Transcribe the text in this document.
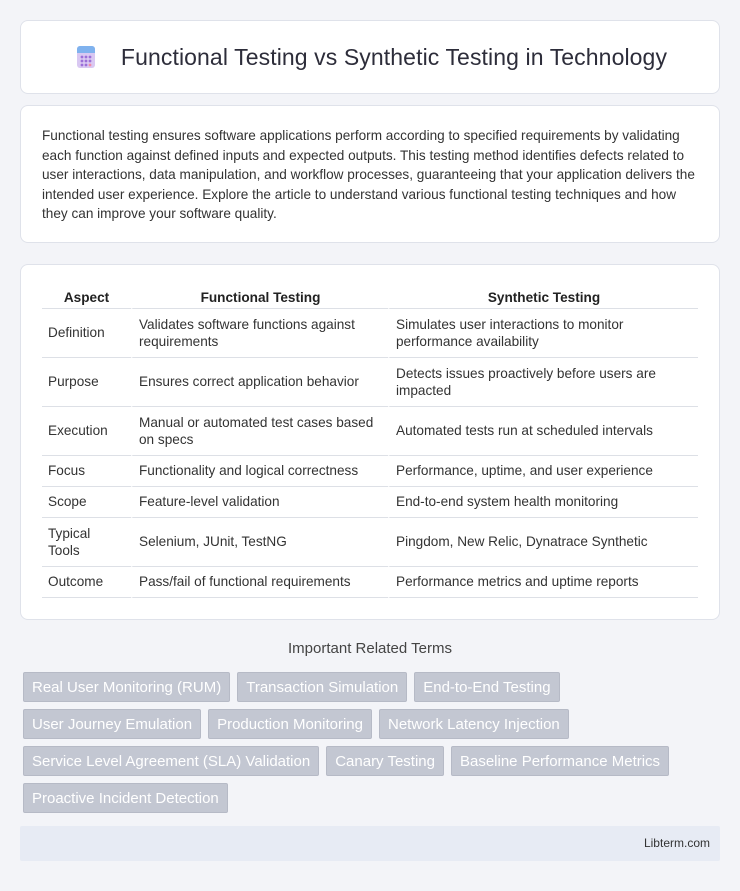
Functional Testing vs Synthetic Testing in Technology

Functional testing ensures software applications perform according to specified requirements by validating each function against defined inputs and expected outputs. This testing method identifies defects related to user interactions, data manipulation, and workflow processes, guaranteeing that your application delivers the intended user experience. Explore the article to understand various functional testing techniques and how they can improve your software quality.

Aspect	Functional Testing	Synthetic Testing
Definition	Validates software functions against requirements	Simulates user interactions to monitor performance availability
Purpose	Ensures correct application behavior	Detects issues proactively before users are impacted
Execution	Manual or automated test cases based on specs	Automated tests run at scheduled intervals
Focus	Functionality and logical correctness	Performance, uptime, and user experience
Scope	Feature-level validation	End-to-end system health monitoring
Typical Tools	Selenium, JUnit, TestNG	Pingdom, New Relic, Dynatrace Synthetic
Outcome	Pass/fail of functional requirements	Performance metrics and uptime reports
Important Related Terms
Real User Monitoring (RUM)	Transaction Simulation	End-to-End Testing
User Journey Emulation	Production Monitoring	Network Latency Injection
Service Level Agreement (SLA) Validation	Canary Testing	Baseline Performance Metrics
Proactive Incident Detection
Libterm.com
